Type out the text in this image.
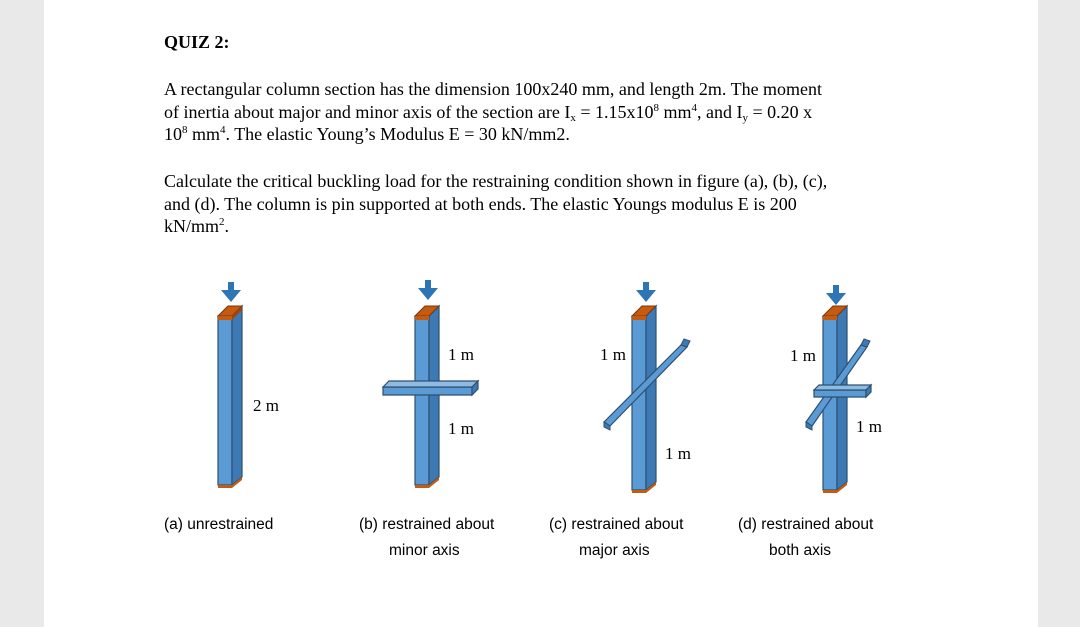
QUIZ 2:
A rectangular column section has the dimension 100x240 mm, and length 2m. The moment
of inertia about major and minor axis of the section are $I_x = 1.15x10^8$ $mm^4$, and $I_y = 0.20$ x
$10^8$ $mm^4$. The elastic Young’s Modulus E = 30 kN/mm2.
Calculate the critical buckling load for the restraining condition shown in figure (a), (b), (c),
and (d). The column is pin supported at both ends. The elastic Youngs modulus E is 200
$kN/mm^2$.
2 m
1 m
1 m
1 m
1 m
1 m
1 m
(a) unrestrained	(b) restrained about
minor axis
(c) restrained about
major axis
(d) restrained about
both axis
